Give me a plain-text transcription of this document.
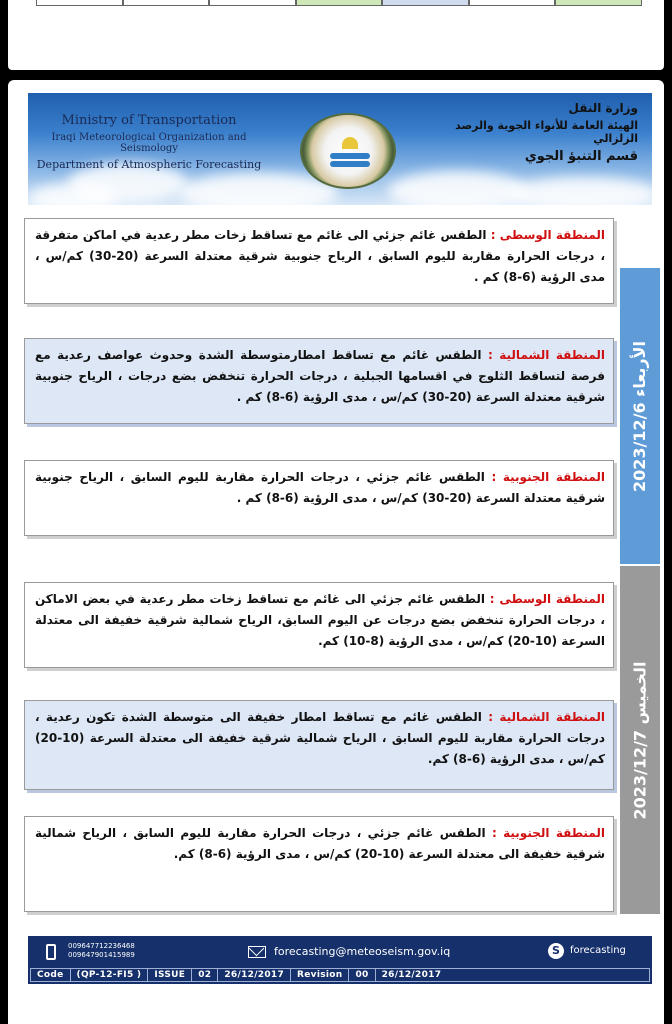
Ministry of Transportation
Iraqi Meteorological Organization and Seismology
Department of Atmospheric Forecasting
وزارة النقل
الهيئة العامة للأنواء الجوية والرصد الزلزالي
قسم التنبؤ الجوي
المنطقة الوسطى : الطقس غائم جزئي الى غائم مع تساقط زخات مطر رعدية في اماكن متفرقة ، درجات الحرارة مقاربة لليوم السابق ، الرياح جنوبية شرقية معتدلة السرعة (20-30) كم/س ، مدى الرؤية (6-8) كم .
المنطقة الشمالية : الطقس غائم مع تساقط امطارمتوسطة الشدة وحدوث عواصف رعدية مع فرصة لتساقط الثلوج في اقسامها الجبلية ، درجات الحرارة تنخفض بضع درجات ، الرياح جنوبية شرقية معتدلة السرعة (20-30) كم/س ، مدى الرؤية (6-8) كم .
المنطقة الجنوبية : الطقس غائم جزئي ، درجات الحرارة مقاربة لليوم السابق ، الرياح جنوبية شرقية معتدلة السرعة (20-30) كم/س ، مدى الرؤية (6-8) كم .
الأربعاء 2023/12/6
المنطقة الوسطى : الطقس غائم جزئي الى غائم مع تساقط زخات مطر رعدية في بعض الاماكن ، درجات الحرارة تنخفض بضع درجات عن اليوم السابق، الرياح شمالية شرقية خفيفة الى معتدلة السرعة (10-20) كم/س ، مدى الرؤية (8-10) كم.
المنطقة الشمالية : الطقس غائم مع تساقط امطار خفيفة الى متوسطة الشدة تكون رعدية ، درجات الحرارة مقاربة لليوم السابق ، الرياح شمالية شرقية خفيفة الى معتدلة السرعة (10-20) كم/س ، مدى الرؤية (6-8) كم.
المنطقة الجنوبية : الطقس غائم جزئي ، درجات الحرارة مقاربة لليوم السابق ، الرياح شمالية شرقية خفيفة الى معتدلة السرعة (10-20) كم/س ، مدى الرؤية (6-8) كم.
الخميس 2023/12/7
009647712236468
009647901415989	forecasting@meteoseism.gov.iq	S	forecasting
Code	(QP-12-FI5 )	ISSUE	02	26/12/2017	Revision	00	26/12/2017
